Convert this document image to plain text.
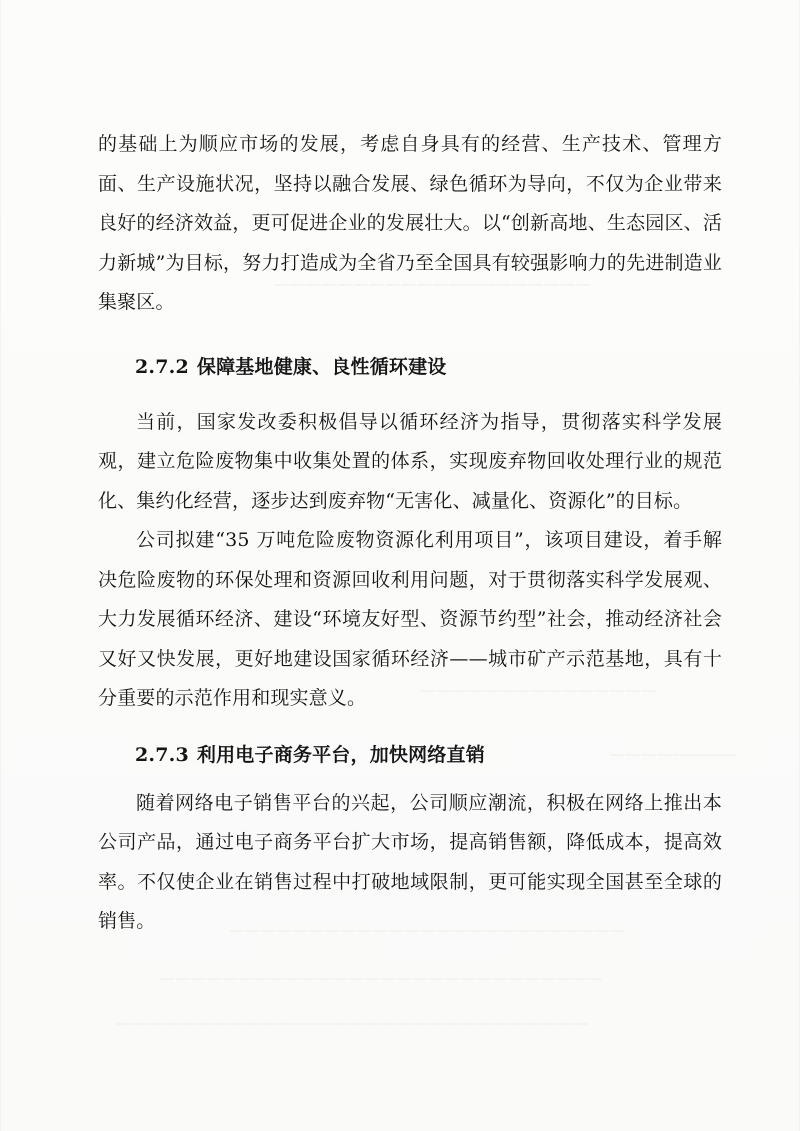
▔▔▔▔▔▔▔▔▔▔▔▔▔▔▔▔▔▔▔▔
▔▔▔▔▔▔▔▔▔▔▔▔▔▔▔
▔▔▔▔▔▔▔▔
▔▔▔▔▔▔▔▔▔▔▔▔▔▔▔▔▔▔▔▔▔▔▔▔▔
▔▔▔▔▔▔▔▔▔▔▔▔▔▔▔▔▔▔▔▔▔▔▔▔▔▔▔▔
▔▔▔▔▔▔▔▔▔▔▔▔▔▔▔▔▔▔▔▔▔▔▔▔▔▔▔▔▔▔

的基础上为顺应市场的发展，考虑自身具有的经营、生产技术、管理方面、生产设施状况，坚持以融合发展、绿色循环为导向，不仅为企业带来良好的经济效益，更可促进企业的发展壮大。以“创新高地、生态园区、活力新城”为目标，努力打造成为全省乃至全国具有较强影响力的先进制造业集聚区。

2.7.2 保障基地健康、良性循环建设

当前，国家发改委积极倡导以循环经济为指导，贯彻落实科学发展观，建立危险废物集中收集处置的体系，实现废弃物回收处理行业的规范化、集约化经营，逐步达到废弃物“无害化、减量化、资源化”的目标。

公司拟建“35 万吨危险废物资源化利用项目”，该项目建设，着手解决危险废物的环保处理和资源回收利用问题，对于贯彻落实科学发展观、大力发展循环经济、建设“环境友好型、资源节约型”社会，推动经济社会又好又快发展，更好地建设国家循环经济——城市矿产示范基地，具有十分重要的示范作用和现实意义。

2.7.3 利用电子商务平台，加快网络直销

随着网络电子销售平台的兴起，公司顺应潮流，积极在网络上推出本公司产品，通过电子商务平台扩大市场，提高销售额，降低成本，提高效率。不仅使企业在销售过程中打破地域限制，更可能实现全国甚至全球的销售。
